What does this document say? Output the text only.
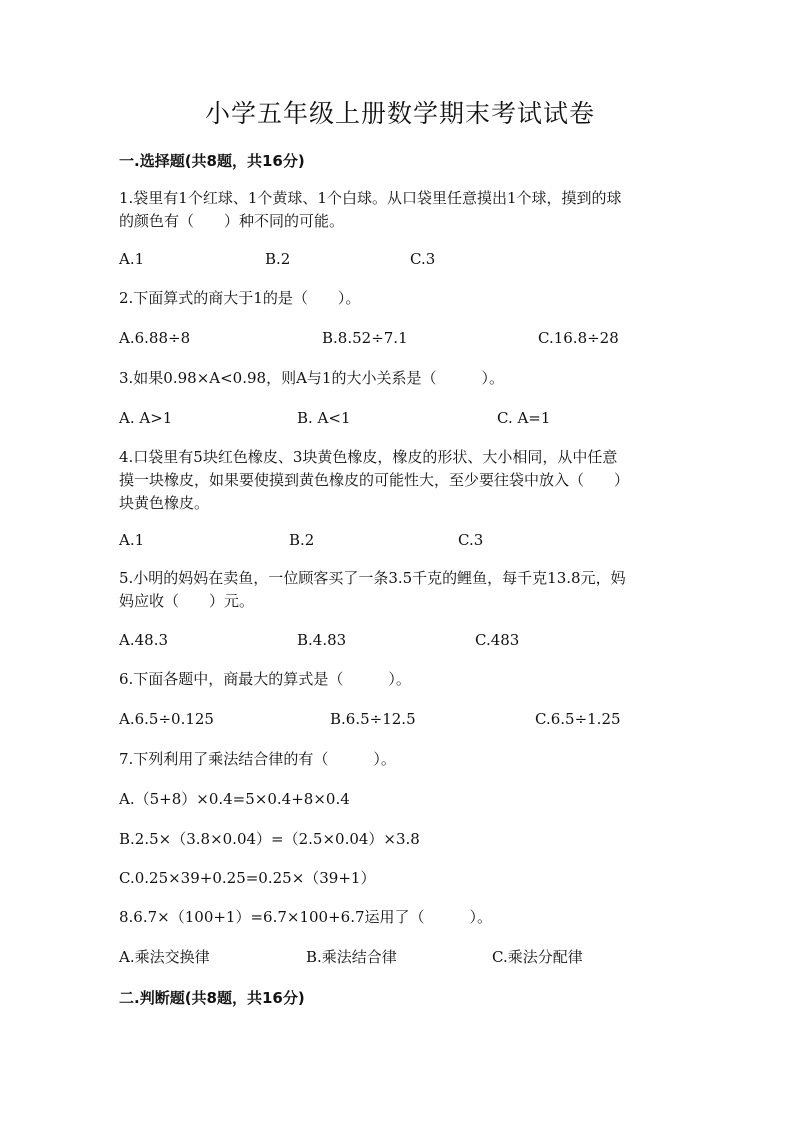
小学五年级上册数学期末考试试卷
一.选择题(共8题，共16分)
1.袋里有1个红球、1个黄球、1个白球。从口袋里任意摸出1个球，摸到的球
的颜色有（　　）种不同的可能。
A.1	B.2	C.3
2.下面算式的商大于1的是（　　）。
A.6.88÷8	B.8.52÷7.1	C.16.8÷28
3.如果0.98×A<0.98，则A与1的大小关系是（　　　）。
A. A>1	B. A<1	C. A=1
4.口袋里有5块红色橡皮、3块黄色橡皮，橡皮的形状、大小相同，从中任意
摸一块橡皮，如果要使摸到黄色橡皮的可能性大，至少要往袋中放入（　　）
块黄色橡皮。
A.1	B.2	C.3
5.小明的妈妈在卖鱼，一位顾客买了一条3.5千克的鲤鱼，每千克13.8元，妈
妈应收（　　）元。
A.48.3	B.4.83	C.483
6.下面各题中，商最大的算式是（　　　）。
A.6.5÷0.125	B.6.5÷12.5	C.6.5÷1.25
7.下列利用了乘法结合律的有（　　　）。
A.（5+8）×0.4=5×0.4+8×0.4
B.2.5×（3.8×0.04）=（2.5×0.04）×3.8
C.0.25×39+0.25=0.25×（39+1）
8.6.7×（100+1）=6.7×100+6.7运用了（　　　）。
A.乘法交换律	B.乘法结合律	C.乘法分配律
二.判断题(共8题，共16分)
